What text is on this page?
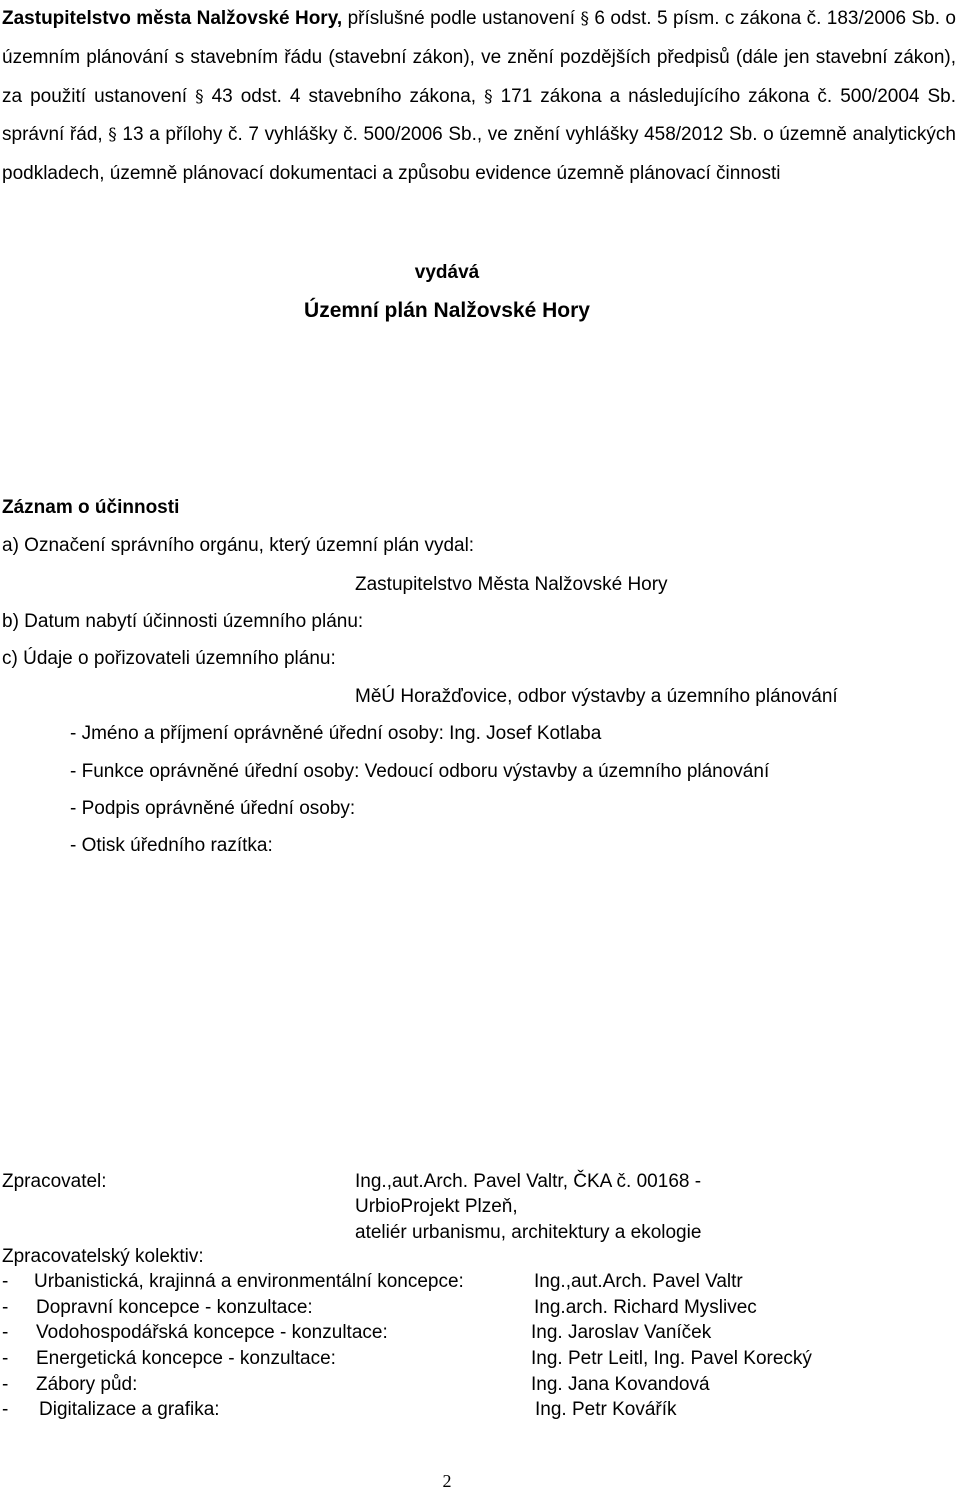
Zastupitelstvo města Nalžovské Hory, příslušné podle ustanovení § 6 odst. 5 písm. c zákona č. 183/2006 Sb. o územním plánování s stavebním řádu (stavební zákon), ve znění pozdějších předpisů (dále jen stavební zákon), za použití ustanovení § 43 odst. 4 stavebního zákona, § 171 zákona a následujícího zákona č. 500/2004 Sb. správní řád, § 13 a přílohy č. 7 vyhlášky č. 500/2006 Sb., ve znění vyhlášky 458/2012 Sb. o územně analytických podkladech, územně plánovací dokumentaci a způsobu evidence územně plánovací činnosti

vydává
Územní plán Nalžovské Hory
Záznam o účinnosti
a) Označení správního orgánu, který územní plán vydal:
Zastupitelstvo Města Nalžovské Hory
b) Datum nabytí účinnosti územního plánu:
c) Údaje o pořizovateli územního plánu:
MěÚ Horažďovice, odbor výstavby a územního plánování
- Jméno a příjmení oprávněné úřední osoby: Ing. Josef Kotlaba
- Funkce oprávněné úřední osoby: Vedoucí odboru výstavby a územního plánování
- Podpis oprávněné úřední osoby:
- Otisk úředního razítka:
Zpracovatel:	Ing.,aut.Arch. Pavel Valtr, ČKA č. 00168 -
UrbioProjekt Plzeň,
ateliér urbanismu, architektury a ekologie
Zpracovatelský kolektiv:
- Urbanistická, krajinná a environmentální koncepce:	Ing.,aut.Arch. Pavel Valtr
- Dopravní koncepce - konzultace:	Ing.arch. Richard Myslivec
- Vodohospodářská koncepce - konzultace:	Ing. Jaroslav Vaníček
- Energetická koncepce - konzultace:	Ing. Petr Leitl, Ing. Pavel Korecký
- Zábory půd:	Ing. Jana Kovandová
- Digitalizace a grafika:	Ing. Petr Kovářík
2
